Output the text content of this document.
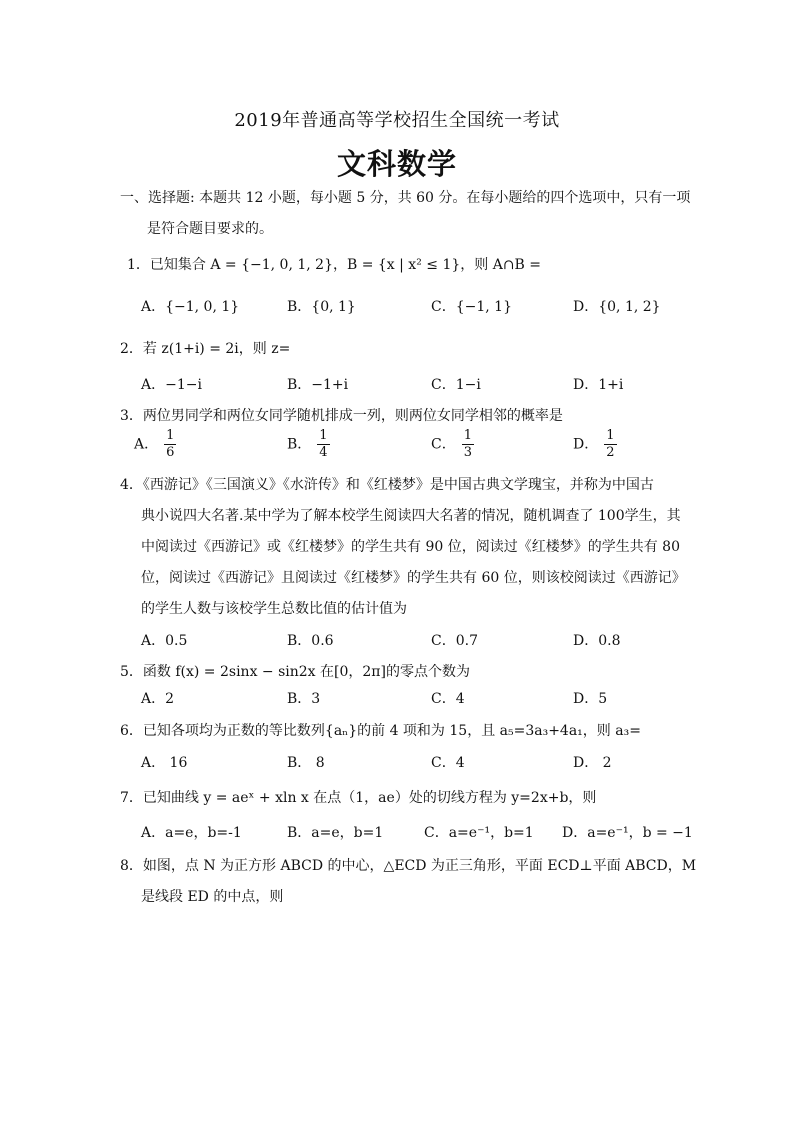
2019年普通高等学校招生全国统一考试
文科数学
一、选择题: 本题共 12 小题，每小题 5 分，共 60 分。在每小题给的四个选项中，只有一项
是符合题目要求的。
1．已知集合 A = {−1, 0, 1, 2}，B = {x | x² ≤ 1}，则 A∩B =
A．{−1, 0, 1}	B．{0, 1}	C．{−1, 1}	D．{0, 1, 2}
2．若 z(1+i) = 2i，则 z=
A．−1−i	B．−1+i	C．1−i	D．1+i
3．两位男同学和两位女同学随机排成一列，则两位女同学相邻的概率是
A． $\frac{1}{6}$	B． $\frac{1}{4}$	C． $\frac{1}{3}$	D． $\frac{1}{2}$
4．《西游记》《三国演义》《水浒传》和《红楼梦》是中国古典文学瑰宝，并称为中国古
典小说四大名著.某中学为了解本校学生阅读四大名著的情况，随机调查了 100学生，其
中阅读过《西游记》或《红楼梦》的学生共有 90 位，阅读过《红楼梦》的学生共有 80
位，阅读过《西游记》且阅读过《红楼梦》的学生共有 60 位，则该校阅读过《西游记》
的学生人数与该校学生总数比值的估计值为
A．0.5	B．0.6	C．0.7	D．0.8
5．函数 f(x) = 2sinx − sin2x 在[0，2π]的零点个数为
A．2	B．3	C．4	D．5
6．已知各项均为正数的等比数列{aₙ}的前 4 项和为 15，且 a₅=3a₃+4a₁，则 a₃=
A． 16	B． 8	C．4	D． 2
7．已知曲线 y = aeˣ + xln x 在点（1，ae）处的切线方程为 y=2x+b，则
A．a=e，b=-1	B．a=e，b=1	C．a=e⁻¹，b=1 D．a=e⁻¹，b = −1
8．如图，点 N 为正方形 ABCD 的中心，△ECD 为正三角形，平面 ECD⊥平面 ABCD，M
是线段 ED 的中点，则
